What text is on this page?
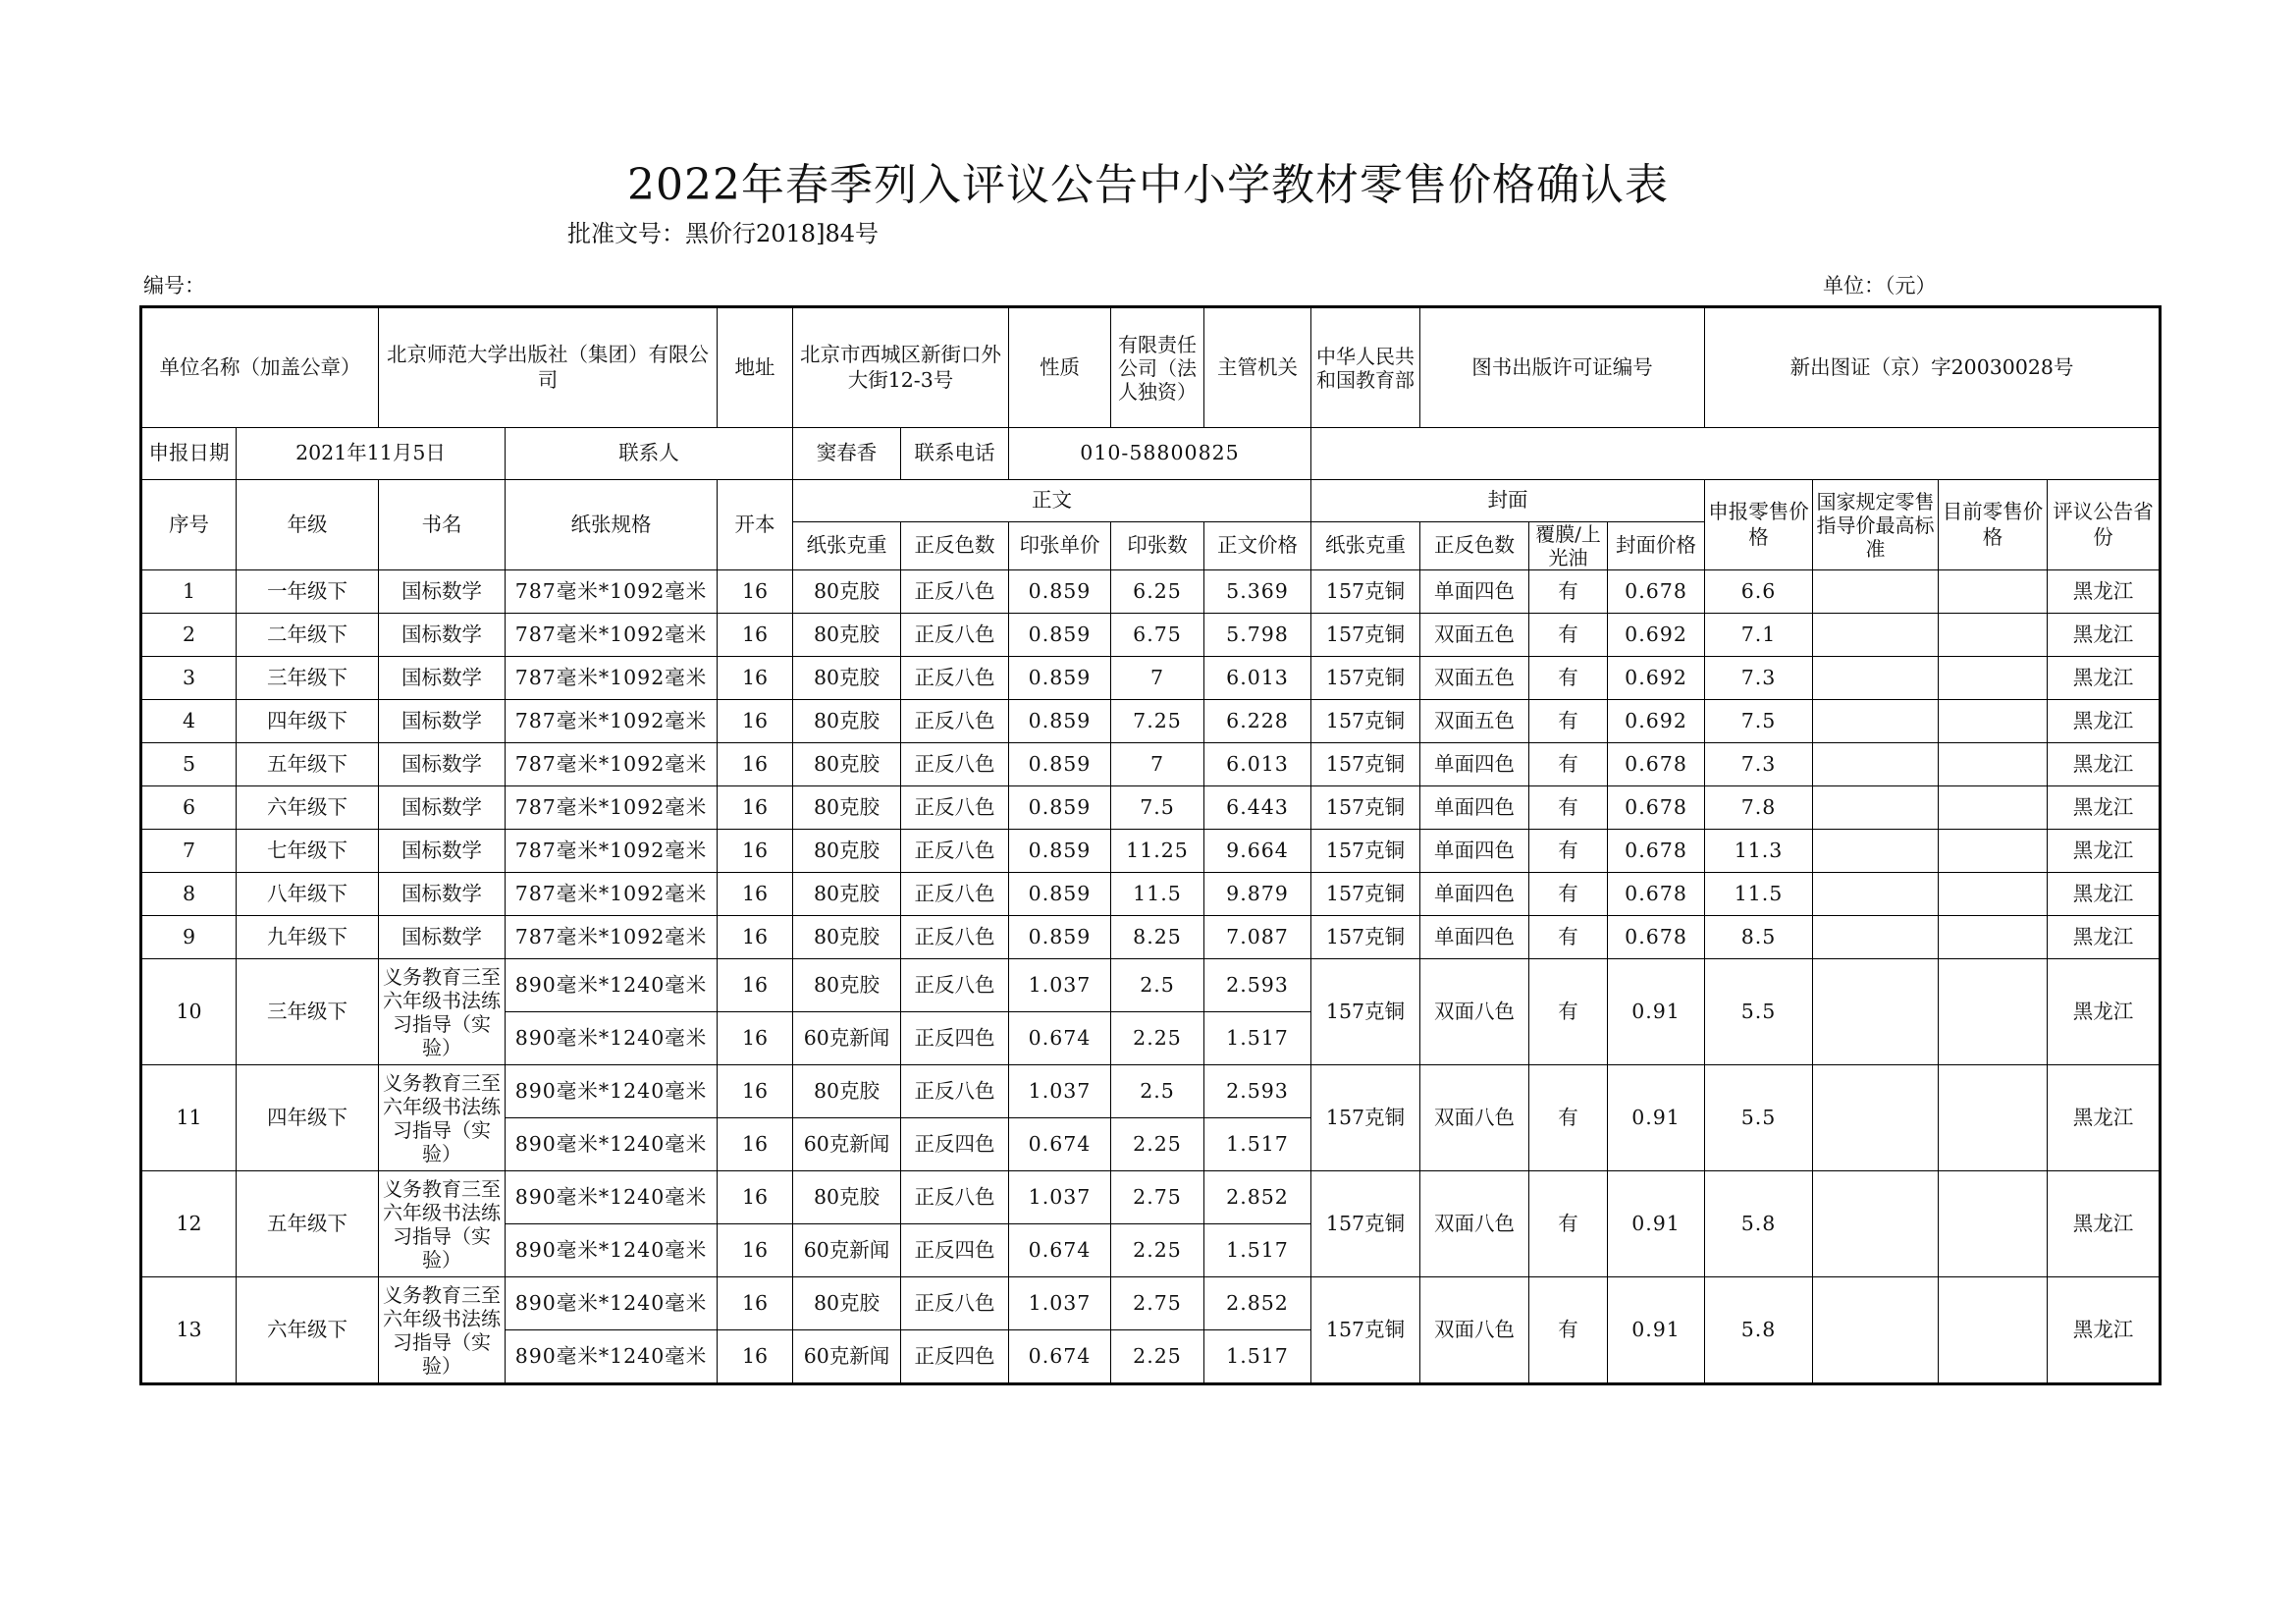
2022年春季列入评议公告中小学教材零售价格确认表
批准文号：黑价行2018]84号
编号：	单位：（元）
单位名称（加盖公章）		北京师范大学出版社（集团）有限公司		地址	北京市西城区新街口外大街12-3号		性质	有限责任公司（法人独资）	主管机关	中华人民共和国教育部	图书出版许可证编号			新出图证（京）字20030028号			
申报日期	2021年11月5日		联系人		窦春香	联系电话	010-58800825										
序号	年级	书名	纸张规格	开本	正文					封面				申报零售价格	国家规定零售指导价最高标准	目前零售价格	评议公告省份
					纸张克重	正反色数	印张单价	印张数	正文价格	纸张克重	正反色数	覆膜/上光油	封面价格				
1	一年级下	国标数学	787毫米*1092毫米	16	80克胶	正反八色	0.859	6.25	5.369	157克铜	单面四色	有	0.678	6.6			黑龙江
2	二年级下	国标数学	787毫米*1092毫米	16	80克胶	正反八色	0.859	6.75	5.798	157克铜	双面五色	有	0.692	7.1			黑龙江
3	三年级下	国标数学	787毫米*1092毫米	16	80克胶	正反八色	0.859	7	6.013	157克铜	双面五色	有	0.692	7.3			黑龙江
4	四年级下	国标数学	787毫米*1092毫米	16	80克胶	正反八色	0.859	7.25	6.228	157克铜	双面五色	有	0.692	7.5			黑龙江
5	五年级下	国标数学	787毫米*1092毫米	16	80克胶	正反八色	0.859	7	6.013	157克铜	单面四色	有	0.678	7.3			黑龙江
6	六年级下	国标数学	787毫米*1092毫米	16	80克胶	正反八色	0.859	7.5	6.443	157克铜	单面四色	有	0.678	7.8			黑龙江
7	七年级下	国标数学	787毫米*1092毫米	16	80克胶	正反八色	0.859	11.25	9.664	157克铜	单面四色	有	0.678	11.3			黑龙江
8	八年级下	国标数学	787毫米*1092毫米	16	80克胶	正反八色	0.859	11.5	9.879	157克铜	单面四色	有	0.678	11.5			黑龙江
9	九年级下	国标数学	787毫米*1092毫米	16	80克胶	正反八色	0.859	8.25	7.087	157克铜	单面四色	有	0.678	8.5			黑龙江
10	三年级下	义务教育三至六年级书法练习指导（实验）	890毫米*1240毫米	16	80克胶	正反八色	1.037	2.5	2.593	157克铜	双面八色	有	0.91	5.5			黑龙江
			890毫米*1240毫米	16	60克新闻	正反四色	0.674	2.25	1.517								
11	四年级下	义务教育三至六年级书法练习指导（实验）	890毫米*1240毫米	16	80克胶	正反八色	1.037	2.5	2.593	157克铜	双面八色	有	0.91	5.5			黑龙江
			890毫米*1240毫米	16	60克新闻	正反四色	0.674	2.25	1.517								
12	五年级下	义务教育三至六年级书法练习指导（实验）	890毫米*1240毫米	16	80克胶	正反八色	1.037	2.75	2.852	157克铜	双面八色	有	0.91	5.8			黑龙江
			890毫米*1240毫米	16	60克新闻	正反四色	0.674	2.25	1.517								
13	六年级下	义务教育三至六年级书法练习指导（实验）	890毫米*1240毫米	16	80克胶	正反八色	1.037	2.75	2.852	157克铜	双面八色	有	0.91	5.8			黑龙江
			890毫米*1240毫米	16	60克新闻	正反四色	0.674	2.25	1.517								
